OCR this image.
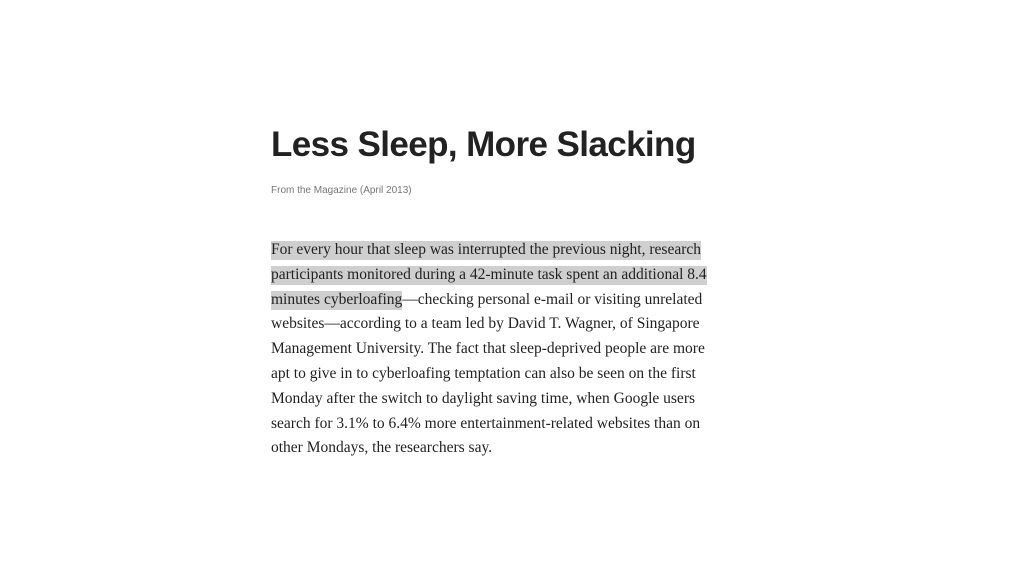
Less Sleep, More Slacking
From the Magazine (April 2013)
For every hour that sleep was interrupted the previous night, research
participants monitored during a 42-minute task spent an additional 8.4
minutes cyberloafing—checking personal e-mail or visiting unrelated
websites—according to a team led by David T. Wagner, of Singapore
Management University. The fact that sleep-deprived people are more
apt to give in to cyberloafing temptation can also be seen on the first
Monday after the switch to daylight saving time, when Google users
search for 3.1% to 6.4% more entertainment-related websites than on
other Mondays, the researchers say.
